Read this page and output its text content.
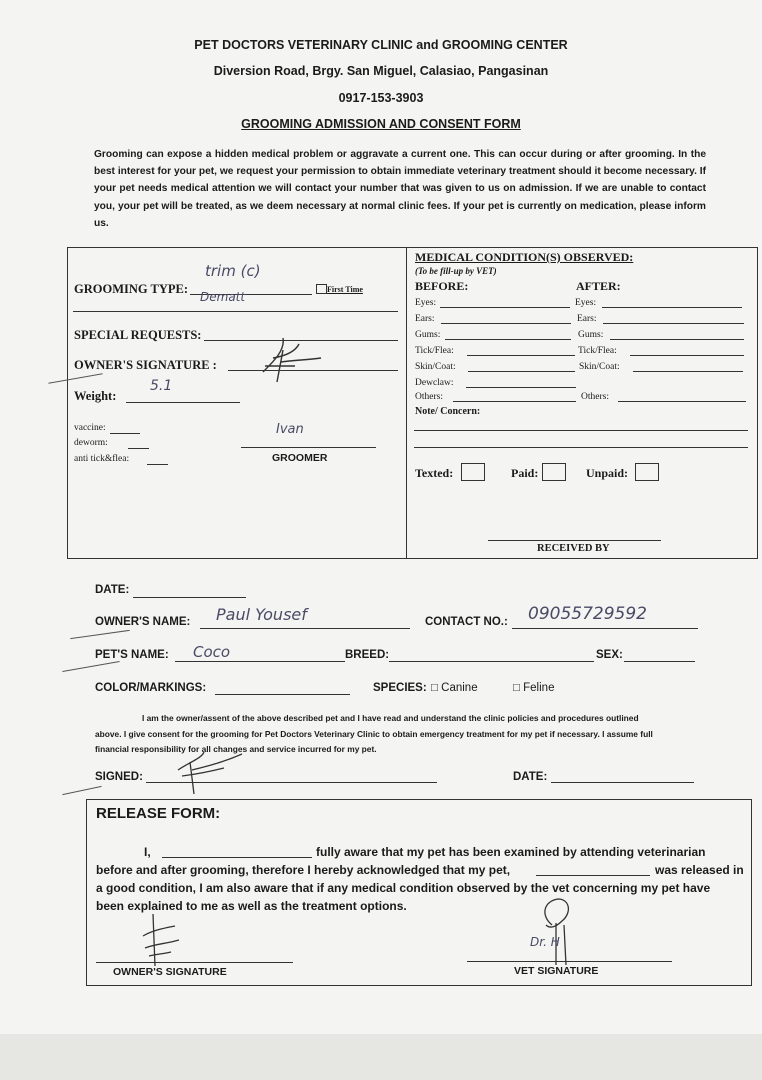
PET DOCTORS VETERINARY CLINIC and GROOMING CENTER
Diversion Road, Brgy. San Miguel, Calasiao, Pangasinan
0917-153-3903
GROOMING ADMISSION AND CONSENT FORM
Grooming can expose a hidden medical problem or aggravate a current one. This can occur during or after grooming. In the best interest for your pet, we request your permission to obtain immediate veterinary treatment should it become necessary. If your pet needs medical attention we will contact your number that was given to us on admission. If we are unable to contact you, your pet will be treated, as we deem necessary at normal clinic fees. If your pet is currently on medication, please inform us.
GROOMING TYPE:
trim (c)
Dematt
First Time
SPECIAL REQUESTS:
OWNER'S SIGNATURE :
Weight:
5.1
vaccine:
deworm:
anti tick&flea:
Ivan
GROOMER
MEDICAL CONDITION(S) OBSERVED:
(To be fill-up by VET)
BEFORE:	AFTER:
Eyes:	Eyes:
Ears:	Ears:
Gums:	Gums:
Tick/Flea:	Tick/Flea:
Skin/Coat:	Skin/Coat:
Dewclaw:
Others:	Others:
Note/ Concern:
Texted:	Paid:	Unpaid:
RECEIVED BY
DATE:
OWNER'S NAME: Paul Yousef	CONTACT NO.: 09055729592
PET'S NAME: Coco	BREED:	SEX:
COLOR/MARKINGS:	SPECIES: □ Canine	□ Feline
I am the owner/assent of the above described pet and I have read and understand the clinic policies and procedures outlined
above. I give consent for the grooming for Pet Doctors Veterinary Clinic to obtain emergency treatment for my pet if necessary. I assume full
financial responsibility for all changes and service incurred for my pet.
SIGNED:	DATE:
RELEASE FORM:
I,	fully aware that my pet has been examined by attending veterinarian
before and after grooming, therefore I hereby acknowledged that my pet,	was released in
a good condition, I am also aware that if any medical condition observed by the vet concerning my pet have
been explained to me as well as the treatment options.
OWNER'S SIGNATURE
Dr. H
VET SIGNATURE
